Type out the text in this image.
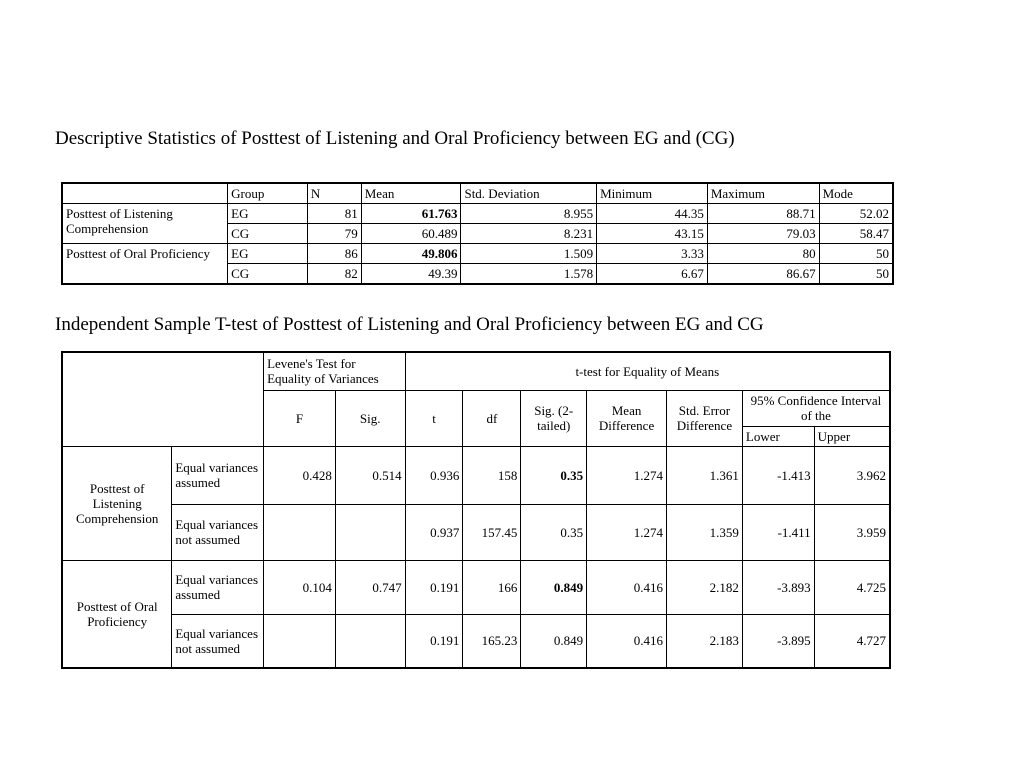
Descriptive Statistics of Posttest of Listening and Oral Proficiency between EG and (CG)
	Group	N	Mean	Std. Deviation	Minimum	Maximum	Mode
Posttest of Listening Comprehension	EG	81	61.763	8.955	44.35	88.71	52.02
	CG	79	60.489	8.231	43.15	79.03	58.47
Posttest of Oral Proficiency	EG	86	49.806	1.509	3.33	80	50
	CG	82	49.39	1.578	6.67	86.67	50
Independent Sample T-test of Posttest of Listening and Oral Proficiency between EG and CG
		Levene's Test for Equality of Variances		t-test for Equality of Means						
		F	Sig.	t	df	Sig. (2-tailed)	Mean Difference	Std. Error Difference	95% Confidence Interval of the	
									Lower	Upper
Posttest of Listening Comprehension	Equal variances assumed	0.428	0.514	0.936	158	0.35	1.274	1.361	-1.413	3.962
	Equal variances not assumed			0.937	157.45	0.35	1.274	1.359	-1.411	3.959
Posttest of Oral Proficiency	Equal variances assumed	0.104	0.747	0.191	166	0.849	0.416	2.182	-3.893	4.725
	Equal variances not assumed			0.191	165.23	0.849	0.416	2.183	-3.895	4.727
